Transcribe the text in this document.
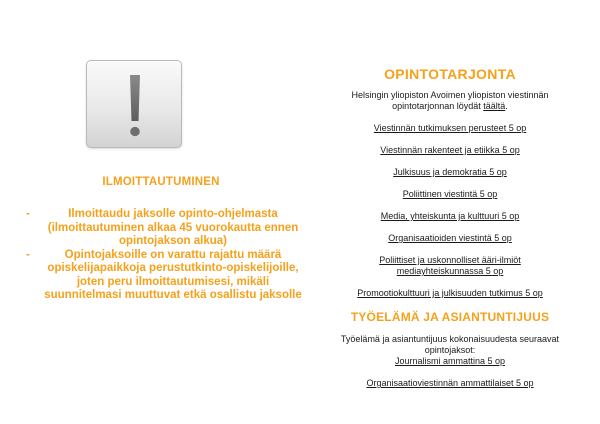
ILMOITTAUTUMINEN
-	Ilmoittaudu jaksolle opinto-ohjelmasta (ilmoittautuminen alkaa 45 vuorokautta ennen opintojakson alkua)
-	Opintojaksoille on varattu rajattu määrä opiskelijapaikkoja perustutkinto-opiskelijoille, joten peru ilmoittautumisesi, mikäli suunnitelmasi muuttuvat etkä osallistu jaksolle
OPINTOTARJONTA
Helsingin yliopiston Avoimen yliopiston viestinnän opintotarjonnan löydät täältä.
Viestinnän tutkimuksen perusteet 5 op
Viestinnän rakenteet ja etiikka 5 op
Julkisuus ja demokratia 5 op
Poliittinen viestintä 5 op
Media, yhteiskunta ja kulttuuri 5 op
Organisaatioiden viestintä 5 op
Poliittiset ja uskonnolliset ääri-ilmiöt mediayhteiskunnassa 5 op
Promootiokulttuuri ja julkisuuden tutkimus 5 op
TYÖELÄMÄ JA ASIANTUNTIJUUS
Työelämä ja asiantuntijuus kokonaisuudesta seuraavat opintojaksot:
Journalismi ammattina 5 op
Organisaatioviestinnän ammattilaiset 5 op
